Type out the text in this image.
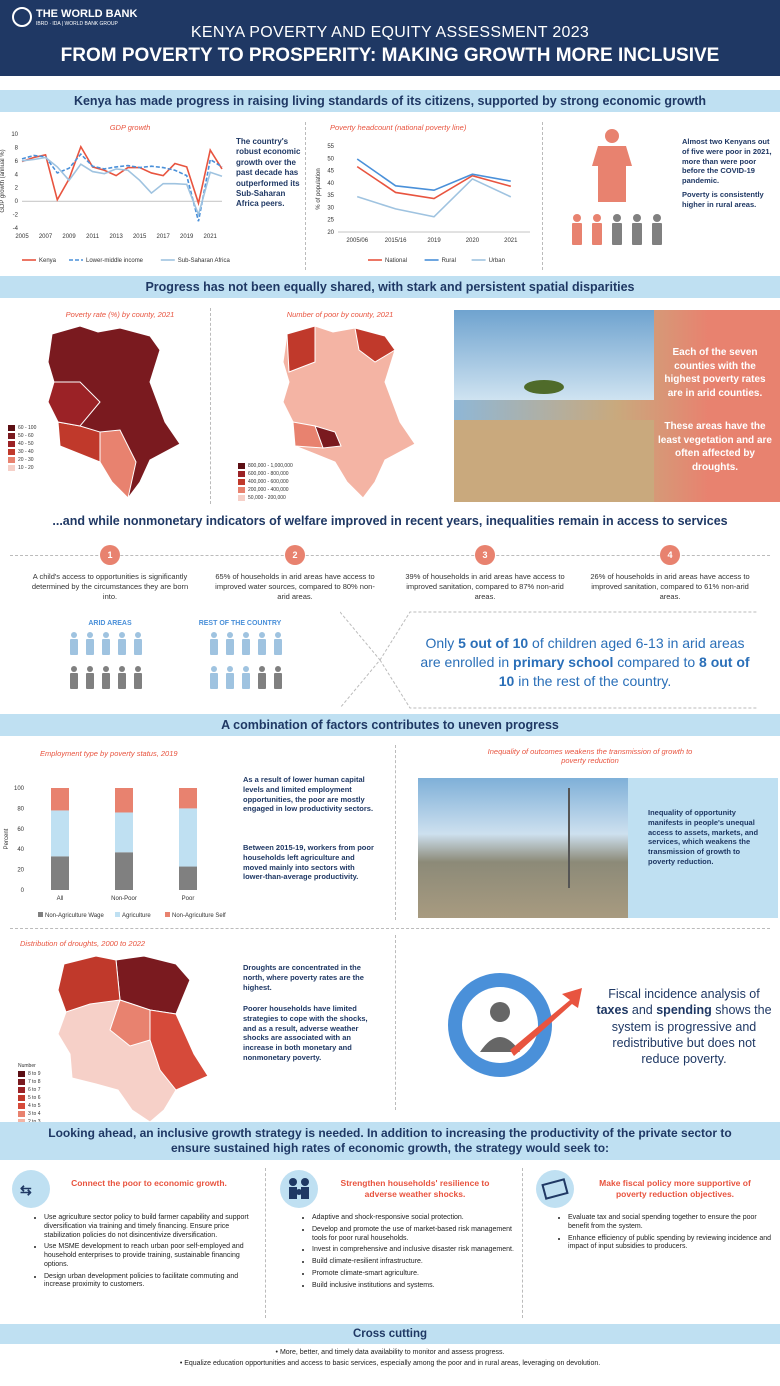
THE WORLD BANK
IBRD · IDA | WORLD BANK GROUP	KENYA POVERTY AND EQUITY ASSESSMENT 2023
FROM POVERTY TO PROSPERITY: MAKING GROWTH MORE INCLUSIVE
Kenya has made progress in raising living standards of its citizens, supported by strong economic growth
GDP growth
10
8
6
4
2
0
-2
-4
GDP growth (annual %)
2005 2007 2009 2011 2013 2015 2017 2019 2021
Kenya	Lower-middle income	Sub-Saharan Africa
The country's robust economic growth over the past decade has outperformed its Sub-Saharan Africa peers.
Poverty headcount (national poverty line)
55
50
45
40
35
30
25
20
% of population
2005/06	2015/16	2019	2020	2021
National	Rural	Urban
Almost two Kenyans out of five were poor in 2021, more than were poor before the COVID-19 pandemic.
Poverty is consistently higher in rural areas.
Progress has not been equally shared, with stark and persistent spatial disparities
Poverty rate (%) by county, 2021
60 - 100
50 - 60
40 - 50
30 - 40
20 - 30
10 - 20
Number of poor by county, 2021
800,000 - 1,000,000
600,000 - 800,000
400,000 - 600,000
200,000 - 400,000
50,000 - 200,000
Each of the seven counties with the highest poverty rates are in arid counties.
These areas have the least vegetation and are often affected by droughts.
...and while nonmonetary indicators of welfare improved in recent years, inequalities remain in access to services
1
A child's access to opportunities is significantly determined by the circumstances they are born into.
2
65% of households in arid areas have access to improved water sources, compared to 80% non-arid areas.
3
39% of households in arid areas have access to improved sanitation, compared to 87% non-arid areas.
4
26% of households in arid areas have access to improved sanitation, compared to 61% non-arid areas.
ARID AREAS	REST OF THE COUNTRY
Only 5 out of 10 of children aged 6-13 in arid areas are enrolled in primary school compared to 8 out of 10 in the rest of the country.
A combination of factors contributes to uneven progress
Employment type by poverty status, 2019
100
80
60
40
20
0
Percent
All	Non-Poor	Poor
Non-Agriculture Wage	Agriculture	Non-Agriculture Self
As a result of lower human capital levels and limited employment opportunities, the poor are mostly engaged in low productivity sectors.
Between 2015-19, workers from poor households left agriculture and moved mainly into sectors with lower-than-average productivity.
Inequality of outcomes weakens the transmission of growth to poverty reduction
Inequality of opportunity manifests in people's unequal access to assets, markets, and services, which weakens the transmission of growth to poverty reduction.
Distribution of droughts, 2000 to 2022
Number
8 to 9
7 to 8
6 to 7
5 to 6
4 to 5
3 to 4
Droughts are concentrated in the north, where poverty rates are the highest.
Poorer households have limited strategies to cope with the shocks, and as a result, adverse weather shocks are associated with an increase in both monetary and nonmonetary poverty.
Fiscal incidence analysis of taxes and spending shows the system is progressive and redistributive but does not reduce poverty.
Looking ahead, an inclusive growth strategy is needed. In addition to increasing the productivity of the private sector to ensure sustained high rates of economic growth, the strategy would seek to:
⇆	Connect the poor to economic growth.
• Use agriculture sector policy to build farmer capability and support diversification via training and timely financing. Ensure price stabilization policies do not disincentivize diversification.
• Use MSME development to reach urban poor self-employed and household enterprises to provide training, sustainable financing options.
• Design urban development policies to facilitate commuting and increase proximity to customers.
Strengthen households' resilience to adverse weather shocks.
• Adaptive and shock-responsive social protection.
• Develop and promote the use of market-based risk management tools for poor rural households.
• Invest in comprehensive and inclusive disaster risk management.
• Build climate-resilient infrastructure.
• Promote climate-smart agriculture.
• Build inclusive institutions and systems.
Make fiscal policy more supportive of poverty reduction objectives.
• Evaluate tax and social spending together to ensure the poor benefit from the system.
• Enhance efficiency of public spending by reviewing incidence and impact of input subsidies to producers.
Cross cutting
• More, better, and timely data availability to monitor and assess progress.
• Equalize education opportunities and access to basic services, especially among the poor and in rural areas, leveraging on devolution.
